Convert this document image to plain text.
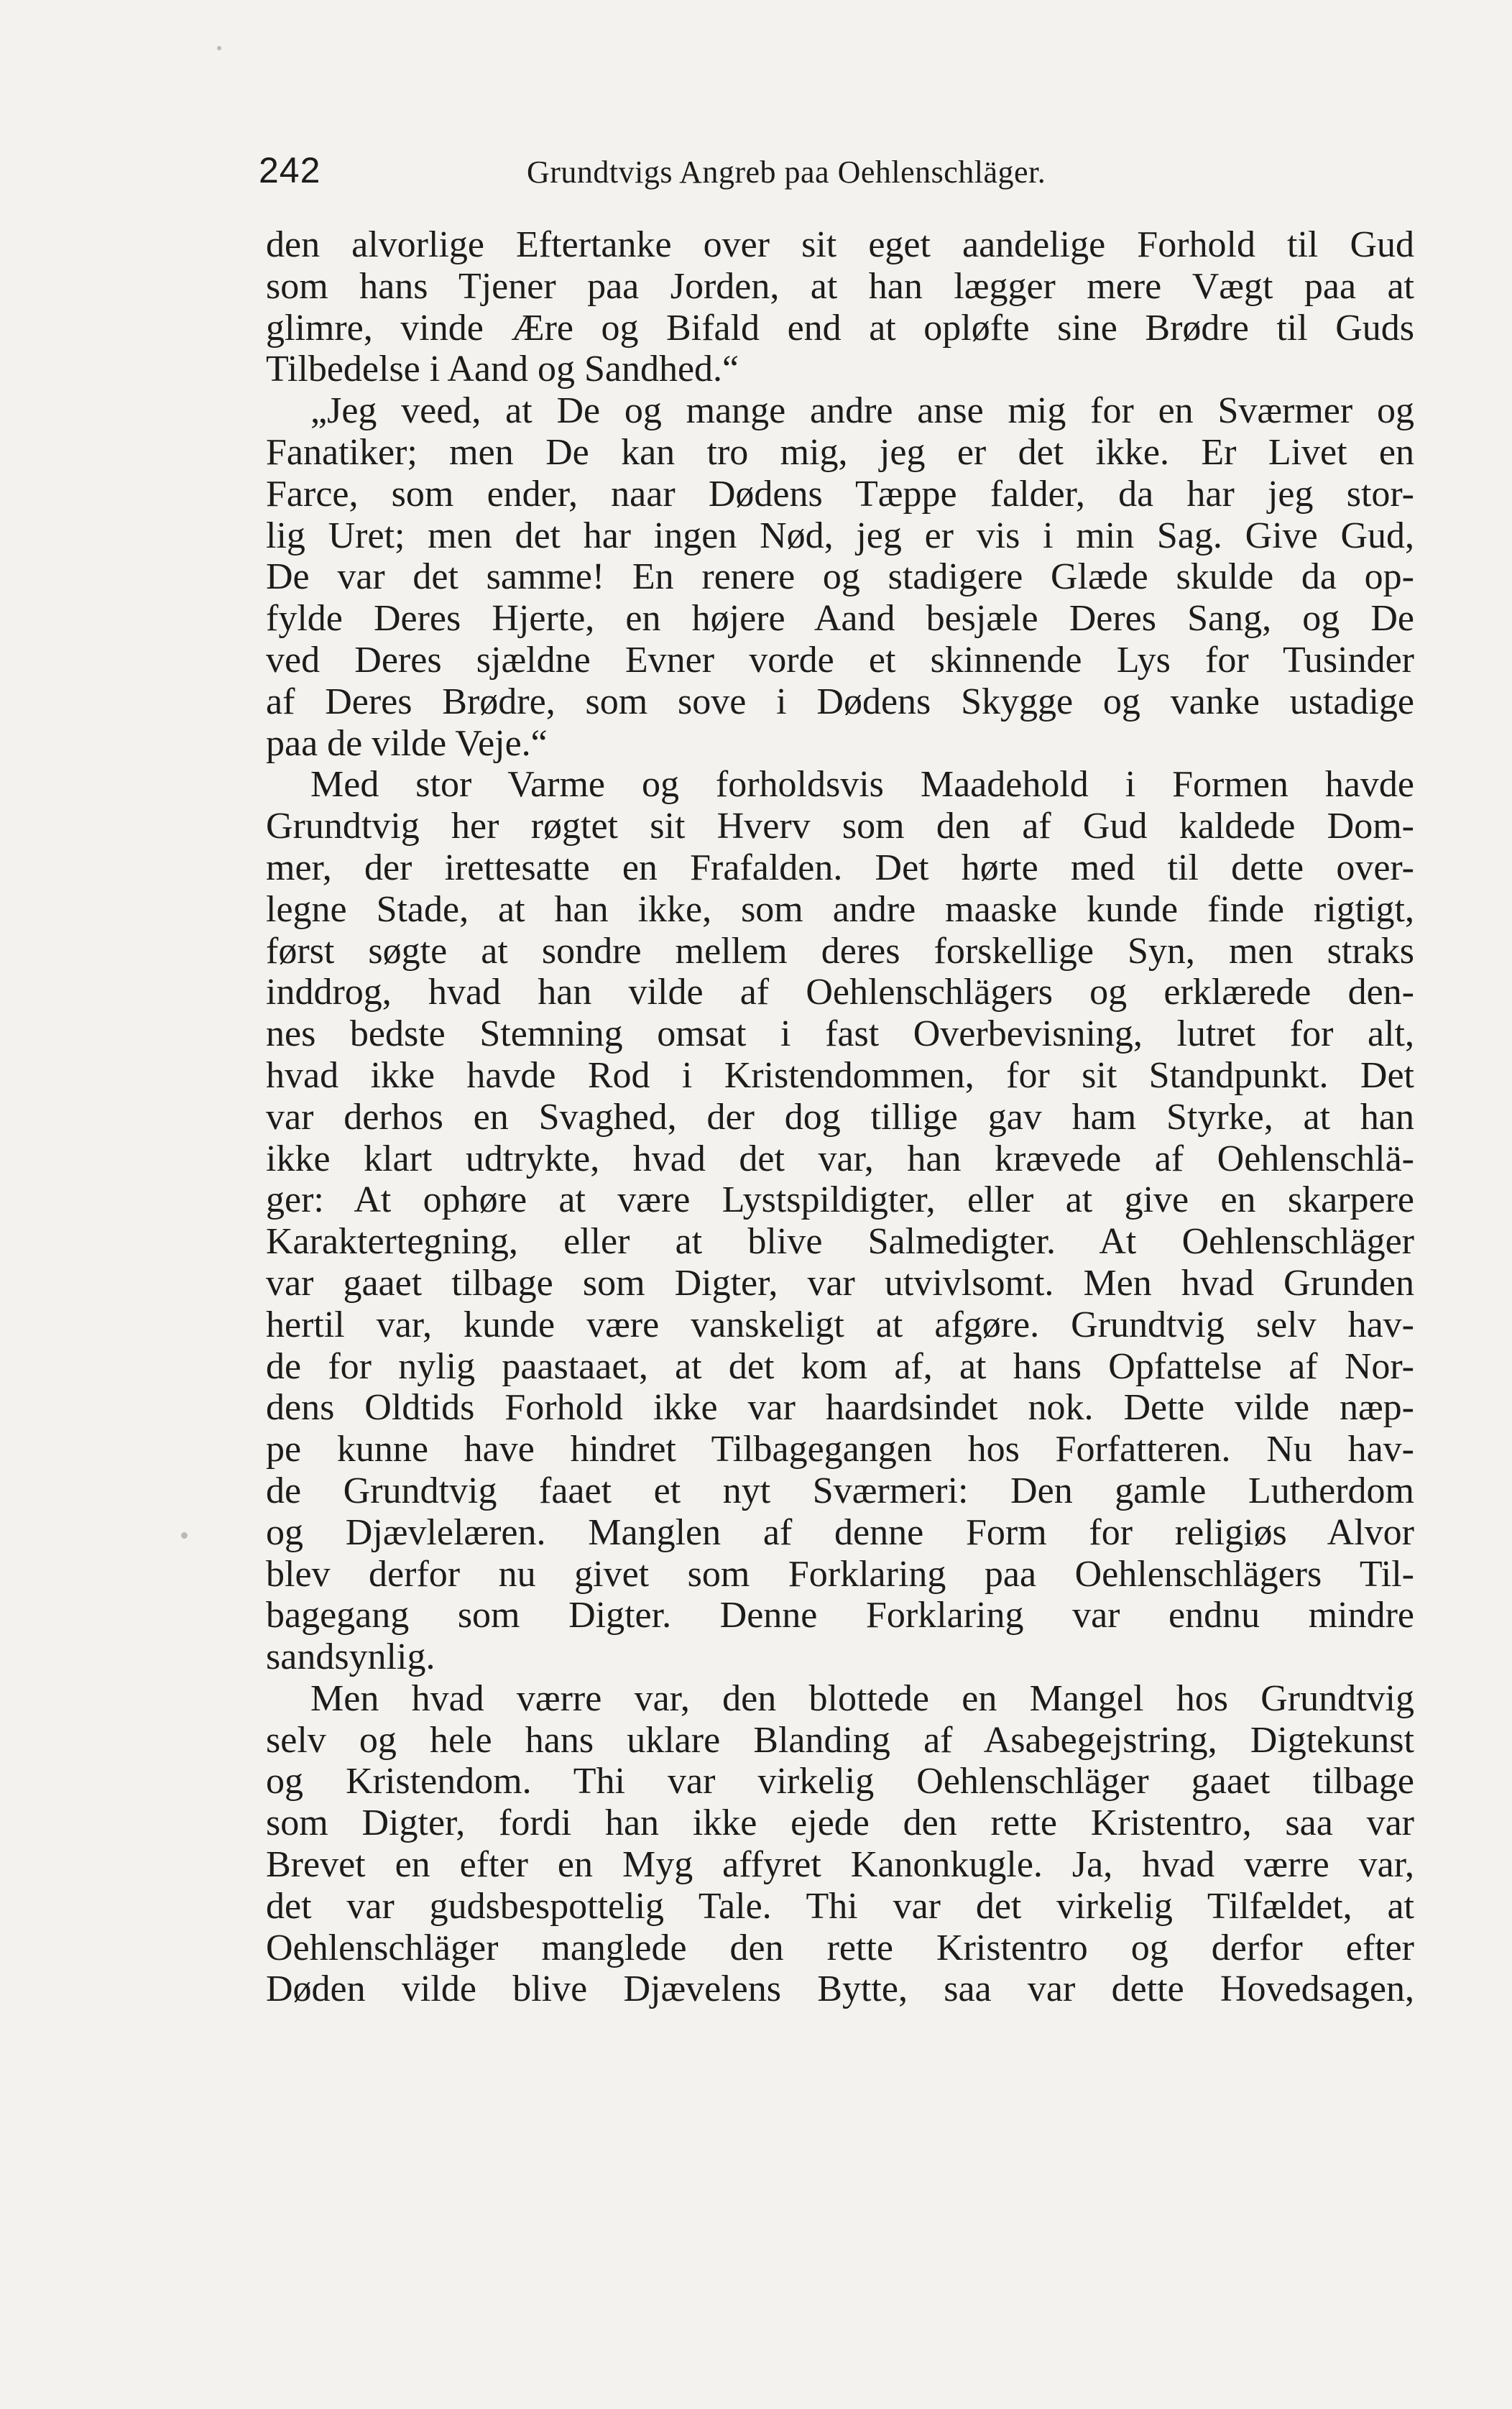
242	Grundtvigs Angreb paa Oehlenschläger.
den alvorlige Eftertanke over sit eget aandelige Forhold til Gud
som hans Tjener paa Jorden, at han lægger mere Vægt paa at
glimre, vinde Ære og Bifald end at opløfte sine Brødre til Guds
Tilbedelse i Aand og Sandhed.“
„Jeg veed, at De og mange andre anse mig for en Sværmer og
Fanatiker; men De kan tro mig, jeg er det ikke. Er Livet en
Farce, som ender, naar Dødens Tæppe falder, da har jeg stor-
lig Uret; men det har ingen Nød, jeg er vis i min Sag. Give Gud,
De var det samme! En renere og stadigere Glæde skulde da op-
fylde Deres Hjerte, en højere Aand besjæle Deres Sang, og De
ved Deres sjældne Evner vorde et skinnende Lys for Tusinder
af Deres Brødre, som sove i Dødens Skygge og vanke ustadige
paa de vilde Veje.“
Med stor Varme og forholdsvis Maadehold i Formen havde
Grundtvig her røgtet sit Hverv som den af Gud kaldede Dom-
mer, der irettesatte en Frafalden. Det hørte med til dette over-
legne Stade, at han ikke, som andre maaske kunde finde rigtigt,
først søgte at sondre mellem deres forskellige Syn, men straks
inddrog, hvad han vilde af Oehlenschlägers og erklærede den-
nes bedste Stemning omsat i fast Overbevisning, lutret for alt,
hvad ikke havde Rod i Kristendommen, for sit Standpunkt. Det
var derhos en Svaghed, der dog tillige gav ham Styrke, at han
ikke klart udtrykte, hvad det var, han krævede af Oehlenschlä-
ger: At ophøre at være Lystspildigter, eller at give en skarpere
Karaktertegning, eller at blive Salmedigter. At Oehlenschläger
var gaaet tilbage som Digter, var utvivlsomt. Men hvad Grunden
hertil var, kunde være vanskeligt at afgøre. Grundtvig selv hav-
de for nylig paastaaet, at det kom af, at hans Opfattelse af Nor-
dens Oldtids Forhold ikke var haardsindet nok. Dette vilde næp-
pe kunne have hindret Tilbagegangen hos Forfatteren. Nu hav-
de Grundtvig faaet et nyt Sværmeri: Den gamle Lutherdom
og Djævlelæren. Manglen af denne Form for religiøs Alvor
blev derfor nu givet som Forklaring paa Oehlenschlägers Til-
bagegang som Digter. Denne Forklaring var endnu mindre
sandsynlig.
Men hvad værre var, den blottede en Mangel hos Grundtvig
selv og hele hans uklare Blanding af Asabegejstring, Digtekunst
og Kristendom. Thi var virkelig Oehlenschläger gaaet tilbage
som Digter, fordi han ikke ejede den rette Kristentro, saa var
Brevet en efter en Myg affyret Kanonkugle. Ja, hvad værre var,
det var gudsbespottelig Tale. Thi var det virkelig Tilfældet, at
Oehlenschläger manglede den rette Kristentro og derfor efter
Døden vilde blive Djævelens Bytte, saa var dette Hovedsagen,
